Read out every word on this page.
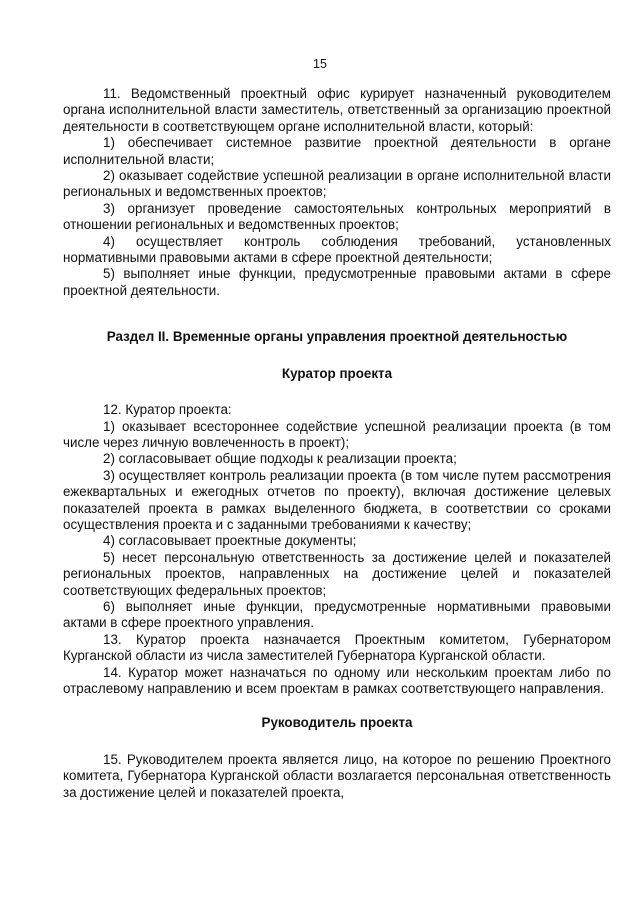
15

11. Ведомственный проектный офис курирует назначенный руководителем органа исполнительной власти заместитель, ответственный за организацию проектной деятельности в соответствующем органе исполнительной власти, который:

1) обеспечивает системное развитие проектной деятельности в органе исполнительной власти;

2) оказывает содействие успешной реализации в органе исполнительной власти региональных и ведомственных проектов;

3) организует проведение самостоятельных контрольных мероприятий в отношении региональных и ведомственных проектов;

4) осуществляет контроль соблюдения требований, установленных нормативными правовыми актами в сфере проектной деятельности;

5) выполняет иные функции, предусмотренные правовыми актами в сфере проектной деятельности.

Раздел II. Временные органы управления проектной деятельностью

Куратор проекта

12. Куратор проекта:

1) оказывает всестороннее содействие успешной реализации проекта (в том числе через личную вовлеченность в проект);

2) согласовывает общие подходы к реализации проекта;

3) осуществляет контроль реализации проекта (в том числе путем рассмотрения ежеквартальных и ежегодных отчетов по проекту), включая достижение целевых показателей проекта в рамках выделенного бюджета, в соответствии со сроками осуществления проекта и с заданными требованиями к качеству;

4) согласовывает проектные документы;

5) несет персональную ответственность за достижение целей и показателей региональных проектов, направленных на достижение целей и показателей соответствующих федеральных проектов;

6) выполняет иные функции, предусмотренные нормативными правовыми актами в сфере проектного управления.

13. Куратор проекта назначается Проектным комитетом, Губернатором Курганской области из числа заместителей Губернатора Курганской области.

14. Куратор может назначаться по одному или нескольким проектам либо по отраслевому направлению и всем проектам в рамках соответствующего направления.

Руководитель проекта

15. Руководителем проекта является лицо, на которое по решению Проектного комитета, Губернатора Курганской области возлагается персональная ответственность за достижение целей и показателей проекта,
